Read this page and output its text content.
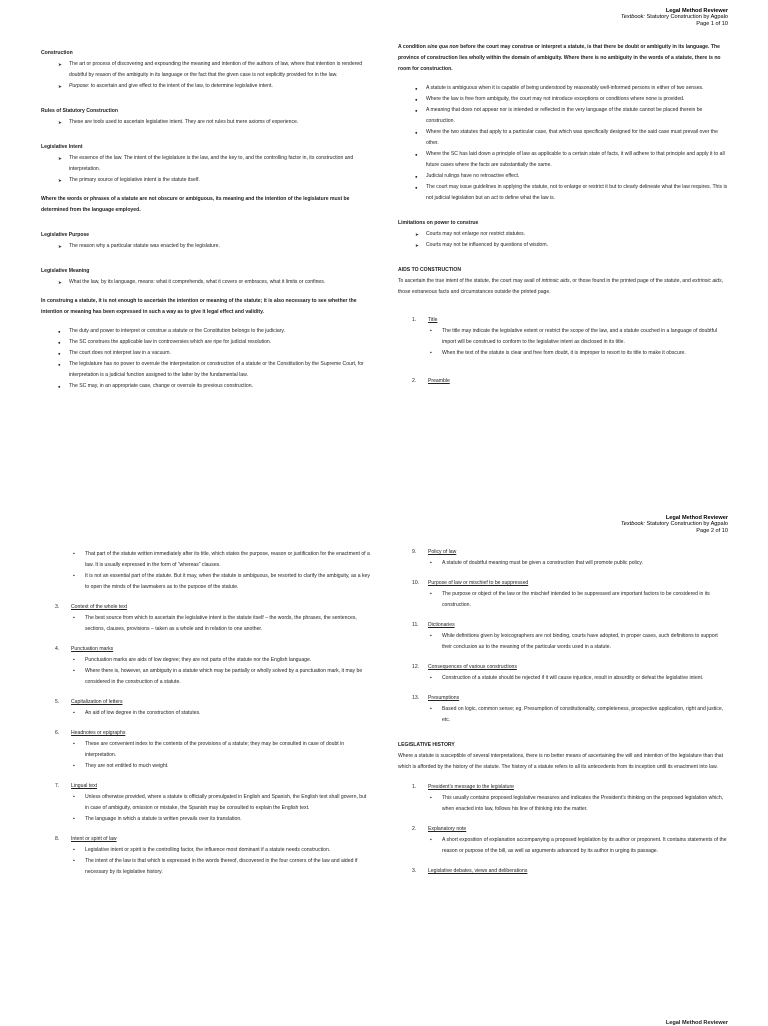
Legal Method Reviewer
Textbook: Statutory Construction by Agpalo
Page 1 of 10

Construction

➤ The art or process of discovering and expounding the meaning and intention of the authors of law, where that intention is rendered doubtful by reason of the ambiguity in its language or the fact that the given case is not explicitly provided for in the law.
➤ Purpose: to ascertain and give effect to the intent of the law, to determine legislative intent.

Rules of Statutory Construction

➤ These are tools used to ascertain legislative intent. They are not rules but mere axioms of experience.

Legislative Intent

➤ The essence of the law. The intent of the legislature is the law, and the key to, and the controlling factor in, its construction and interpretation.
➤ The primary source of legislative intent is the statute itself.

Where the words or phrases of a statute are not obscure or ambiguous, its meaning and the intention of the legislature must be determined from the language employed.

Legislative Purpose

➤ The reason why a particular statute was enacted by the legislature.

Legislative Meaning

➤ What the law, by its language, means: what it comprehends, what it covers or embraces, what it limits or confines.

In construing a statute, it is not enough to ascertain the intention or meaning of the statute; it is also necessary to see whether the intention or meaning has been expressed in such a way as to give it legal effect and validity.

● The duty and power to interpret or construe a statute or the Constitution belongs to the judiciary.
● The SC construes the applicable law in controversies which are ripe for judicial resolution.
● The court does not interpret law in a vacuum.
● The legislature has no power to overrule the interpretation or construction of a statute or the Constitution by the Supreme Court, for interpretation is a judicial function assigned to the latter by the fundamental law.
● The SC may, in an appropriate case, change or overrule its previous construction.

A condition sine qua non before the court may construe or interpret a statute, is that there be doubt or ambiguity in its language. The province of construction lies wholly within the domain of ambiguity. Where there is no ambiguity in the words of a statute, there is no room for construction.

● A statute is ambiguous when it is capable of being understood by reasonably well-informed persons in either of two senses.
● Where the law is free from ambiguity, the court may not introduce exceptions or conditions where none is provided.
● A meaning that does not appear nor is intended or reflected in the very language of the statute cannot be placed therein be construction.
● Where the two statutes that apply to a particular case, that which was specifically designed for the said case must prevail over the other.
● Where the SC has laid down a principle of law as applicable to a certain state of facts, it will adhere to that principle and apply it to all future cases where the facts are substantially the same.
● Judicial rulings have no retroactive effect.
● The court may issue guidelines in applying the statute, not to enlarge or restrict it but to clearly delineate what the law requires. This is not judicial legislation but an act to define what the law is.

Limitations on power to construe

➤ Courts may not enlarge nor restrict statutes.
➤ Courts may not be influenced by questions of wisdom.

AIDS TO CONSTRUCTION

To ascertain the true intent of the statute, the court may avail of intrinsic aids, or those found in the printed page of the statute, and extrinsic aids, those extraneous facts and circumstances outside the printed page.

1. Title

▪ The title may indicate the legislative extent or restrict the scope of the law, and a statute couched in a language of doubtful import will be construed to conform to the legislative intent as disclosed in its title.
▪ When the text of the statute is clear and free form doubt, it is improper to resort to its title to make it obscure.

2. Preamble

Legal Method Reviewer
Textbook: Statutory Construction by Agpalo
Page 2 of 10
▪ That part of the statute written immediately after its title, which states the purpose, reason or justification for the enactment of a law. It is usually expressed in the form of “whereas” clauses.
▪ It is not an essential part of the statute. But it may, when the statute is ambiguous, be resorted to clarify the ambiguity, as a key to open the minds of the lawmakers as to the purpose of the statute.

3. Context of the whole text

▪ The best source from which to ascertain the legislative intent is the statute itself – the words, the phrases, the sentences, sections, clauses, provisions – taken as a whole and in relation to one another.

4. Punctuation marks

▪ Punctuation marks are aids of low degree; they are not parts of the statute nor the English language.
▪ Where there is, however, an ambiguity in a statute which may be partially or wholly solved by a punctuation mark, it may be considered in the construction of a statute.

5. Capitalization of letters

▪ An aid of low degree in the construction of statutes.

6. Headnotes or epigraphs

▪ These are convenient index to the contents of the provisions of a statute; they may be consulted in case of doubt in interpretation.
▪ They are not entitled to much weight.

7. Lingual text

▪ Unless otherwise provided, where a statute is officially promulgated in English and Spanish, the English text shall govern, but in case of ambiguity, omission or mistake, the Spanish may be consulted to explain the English text.
▪ The language in which a statute is written prevails over its translation.

8. Intent or spirit of law

▪ Legislative intent or spirit is the controlling factor, the influence most dominant if a statute needs construction.
▪ The intent of the law is that which is expressed in the words thereof, discovered in the four corners of the law and aided if necessary by its legislative history.

9. Policy of law

▪ A statute of doubtful meaning must be given a construction that will promote public policy.

10. Purpose of law or mischief to be suppressed

▪ The purpose or object of the law or the mischief intended to be suppressed are important factors to be considered in its construction.

11. Dictionaries

▪ While definitions given by lexicographers are not binding, courts have adopted, in proper cases, such definitions to support their conclusion as to the meaning of the particular words used in a statute.

12. Consequences of various constructions

▪ Construction of a statute should be rejected if it will cause injustice, result in absurdity or defeat the legislative intent.

13. Presumptions

▪ Based on logic, common sense; eg. Presumption of constitutionality, completeness, prospective application, right and justice, etc.

LEGISLATIVE HISTORY

Where a statute is susceptible of several interpretations, there is no better means of ascertaining the will and intention of the legislature than that which is afforded by the history of the statute. The history of a statute refers to all its antecedents from its inception until its enactment into law.

1. President’s message to the legislature

▪ This usually contains proposed legislative measures and indicates the President’s thinking on the proposed legislation which, when enacted into law, follows his line of thinking into the matter.

2. Explanatory note

▪ A short exposition of explanation accompanying a proposed legislation by its author or proponent. It contains statements of the reason or purpose of the bill, as well as arguments advanced by its author in urging its passage.

3. Legislative debates, views and deliberations

Legal Method Reviewer
